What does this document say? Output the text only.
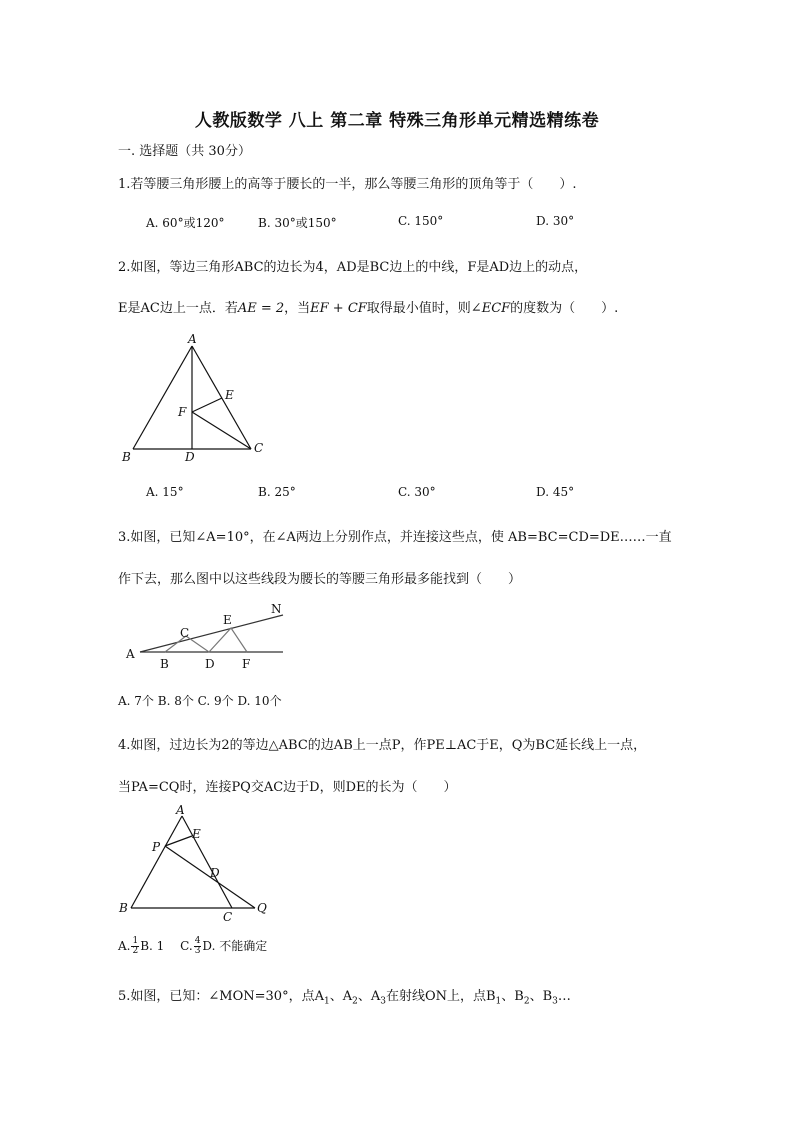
人教版数学 八上 第二章 特殊三角形单元精选精练卷
一. 选择题（共 30分）
1.若等腰三角形腰上的高等于腰长的一半，那么等腰三角形的顶角等于（　　）.
A. 60°或120°	B. 30°或150°	C. 150°	D. 30°
2.如图，等边三角形ABC的边长为4，AD是BC边上的中线，F是AD边上的动点，
E是AC边上一点．若AE = 2，当EF + CF取得最小值时，则∠ECF的度数为（　　）.
A
B
C
D
E
F
A. 15°	B. 25°	C. 30°	D. 45°
3.如图，已知∠A=10°，在∠A两边上分别作点，并连接这些点，使 AB=BC=CD=DE……一直
作下去，那么图中以这些线段为腰长的等腰三角形最多能找到（　　）
A
B
C
D
E
F
N
A. 7个 B. 8个 C. 9个 D. 10个
4.如图，过边长为2的等边△ABC的边AB上一点P，作PE⊥AC于E，Q为BC延长线上一点，
当PA=CQ时，连接PQ交AC边于D，则DE的长为（　　）
A
B
C
D
E
P
Q
A. $\frac{1}{2} B$. 1　 C. $\frac{4}{3} D$. 不能确定
5.如图，已知：∠MON=30°，点$A_1$、$A_2$、$A_3$在射线ON上，点$B_1$、$B_2$、$B_3\dots$
